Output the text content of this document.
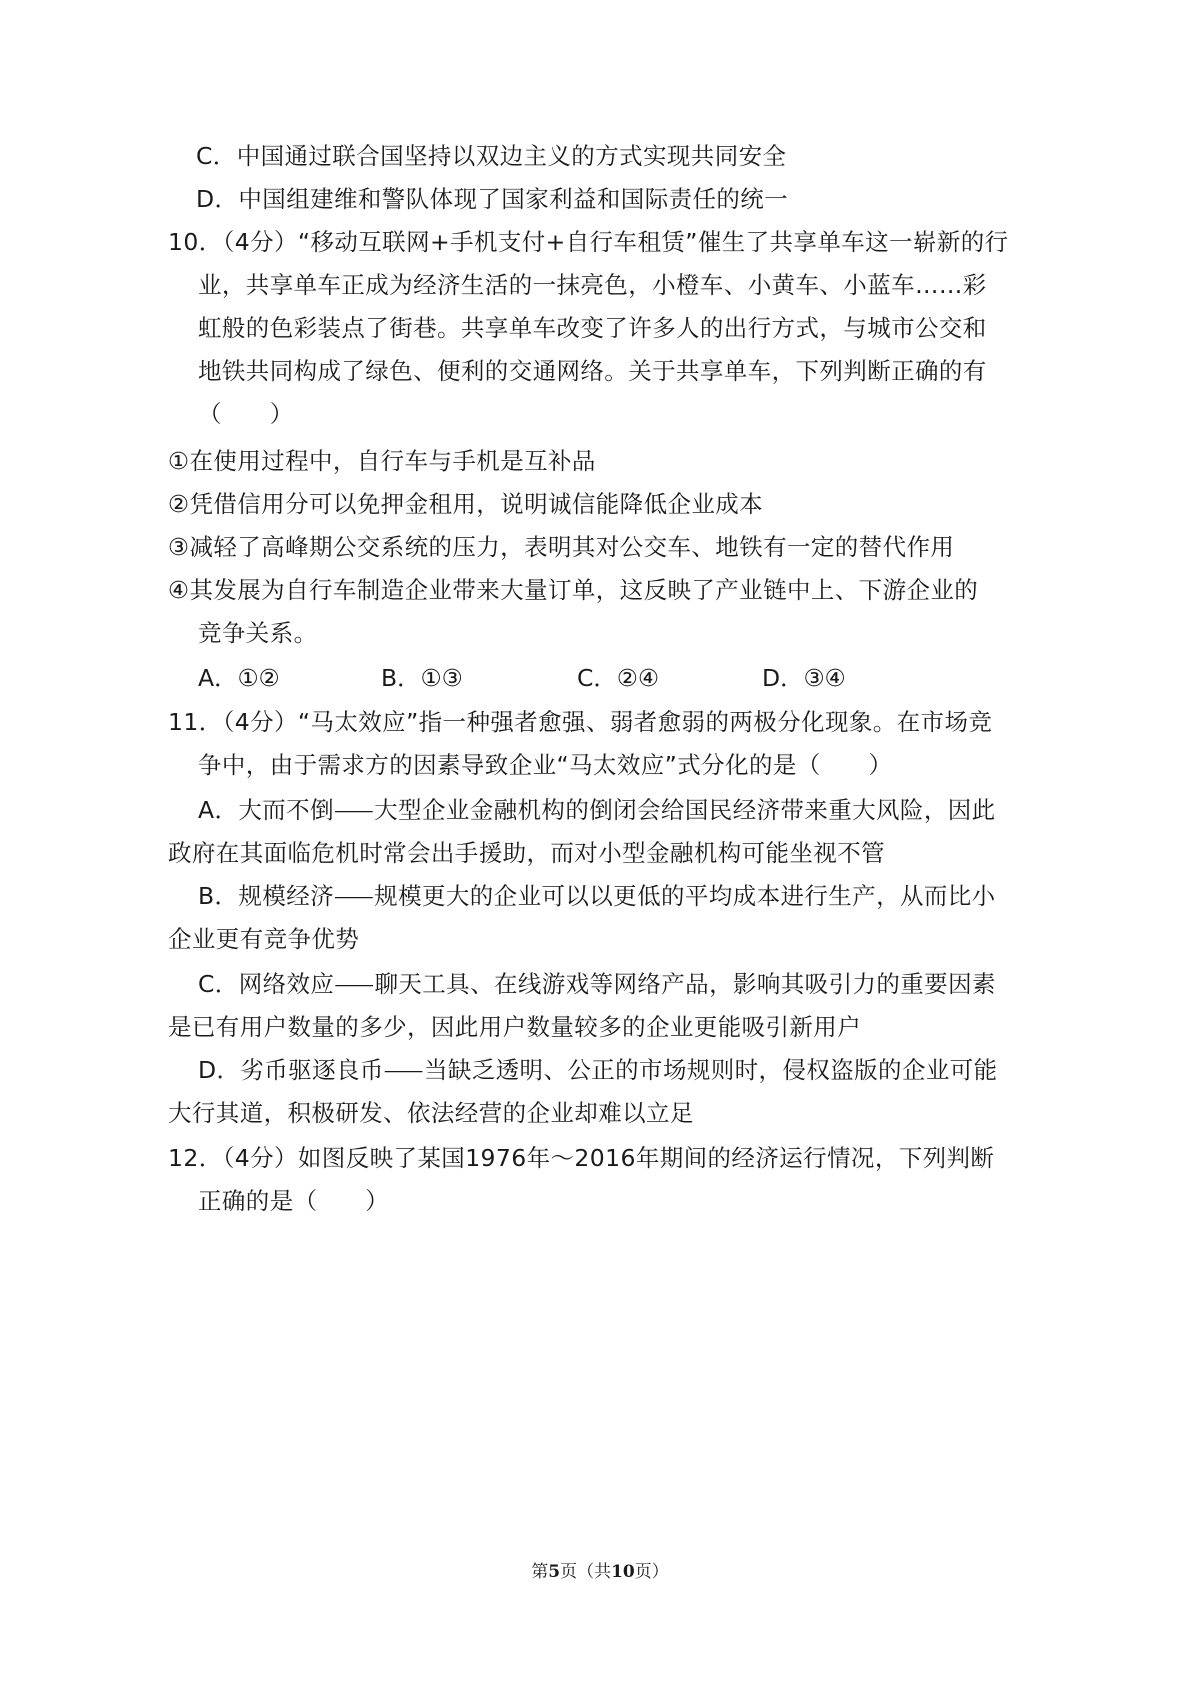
C．中国通过联合国坚持以双边主义的方式实现共同安全
D．中国组建维和警队体现了国家利益和国际责任的统一
10．（4分）“移动互联网+手机支付+自行车租赁”催生了共享单车这一崭新的行
业，共享单车正成为经济生活的一抹亮色，小橙车、小黄车、小蓝车……彩
虹般的色彩装点了街巷。共享单车改变了许多人的出行方式，与城市公交和
地铁共同构成了绿色、便利的交通网络。关于共享单车，下列判断正确的有
（　　）
①在使用过程中，自行车与手机是互补品
②凭借信用分可以免押金租用，说明诚信能降低企业成本
③减轻了高峰期公交系统的压力，表明其对公交车、地铁有一定的替代作用
④其发展为自行车制造企业带来大量订单，这反映了产业链中上、下游企业的
竞争关系。
A．①②	B．①③	C．②④	D．③④
11．（4分）“马太效应”指一种强者愈强、弱者愈弱的两极分化现象。在市场竞
争中，由于需求方的因素导致企业“马太效应”式分化的是（　　）
A．大而不倒⸺大型企业金融机构的倒闭会给国民经济带来重大风险，因此
政府在其面临危机时常会出手援助，而对小型金融机构可能坐视不管
B．规模经济⸺规模更大的企业可以以更低的平均成本进行生产，从而比小
企业更有竞争优势
C．网络效应⸺聊天工具、在线游戏等网络产品，影响其吸引力的重要因素
是已有用户数量的多少，因此用户数量较多的企业更能吸引新用户
D．劣币驱逐良币⸺当缺乏透明、公正的市场规则时，侵权盗版的企业可能
大行其道，积极研发、依法经营的企业却难以立足
12．（4分）如图反映了某国1976年～2016年期间的经济运行情况，下列判断
正确的是（　　）
第5页（共10页）
